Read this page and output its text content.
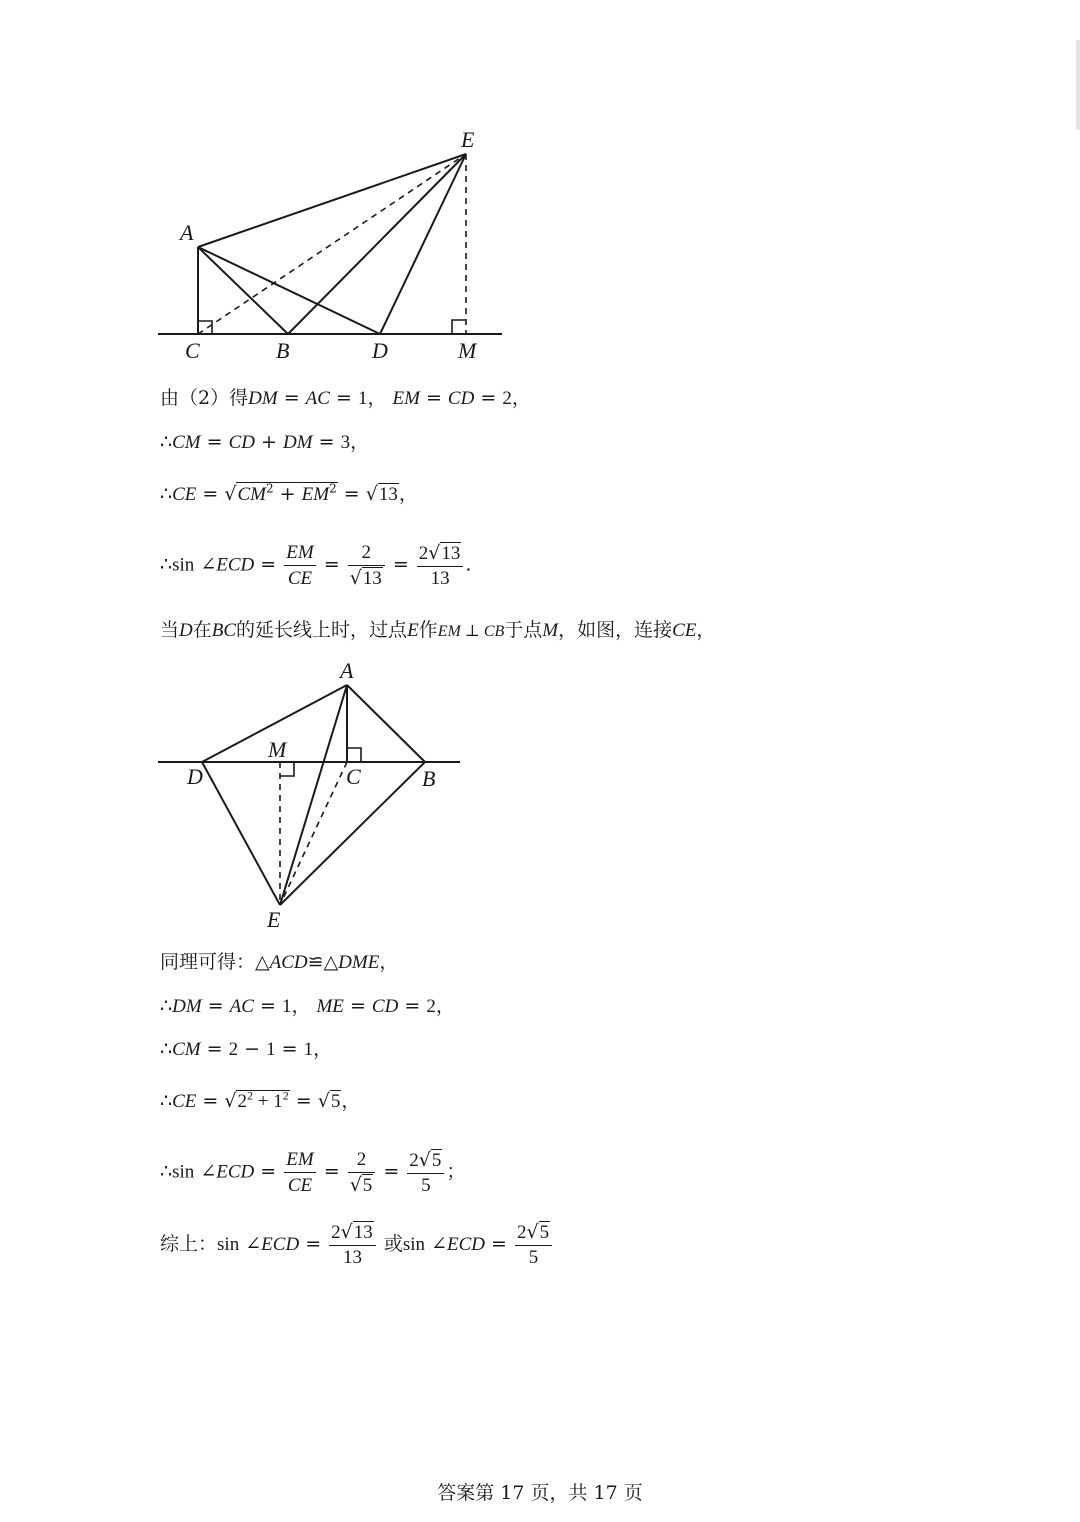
A
C	B	D	M
E
由（2）得DM = AC = 1， EM = CD = 2，
∴CM = CD + DM = 3，
∴CE = $√CM^2 + EM^2 = √13$，
∴sin ∠ECD = $\frac{EM}{CE} = \frac{2}{√13} = \frac{2√13}{13}$ .
当D在BC的延长线上时，过点E作EM ⊥ CB于点M，如图，连接CE，
A
M
D	C	B
E
同理可得：△ACD≌△DME，
∴DM = AC = 1， ME = CD = 2，
∴CM = 2 − 1 = 1，
∴CE = $√2^2 + 1^2 = √5$，
∴sin ∠ECD = $\frac{EM}{CE} = \frac{2}{√5} = \frac{2√5}{5}$ ；
综上：sin ∠ECD = $\frac{2√13}{13}$ 或sin ∠ECD = $\frac{2√5}{5}$
答案第 17 页，共 17 页
